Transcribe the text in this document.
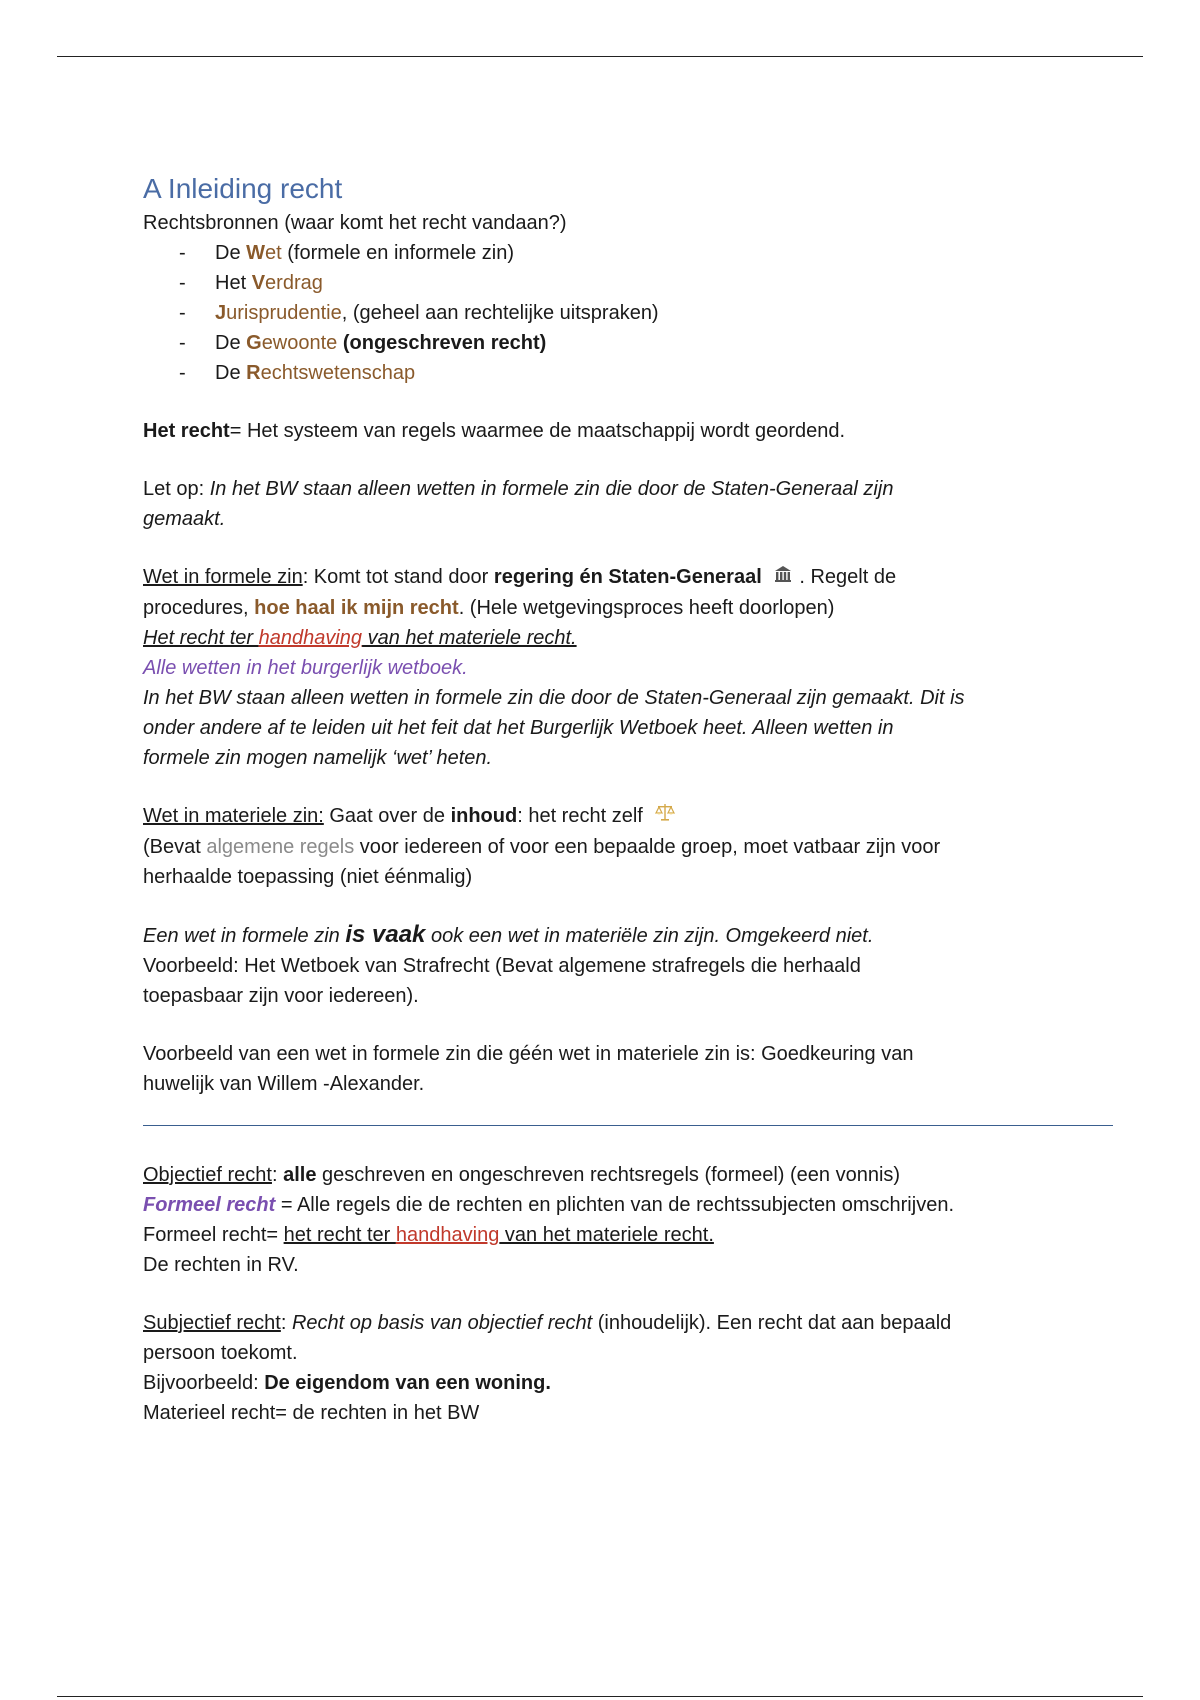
A Inleiding recht

Rechtsbronnen (waar komt het recht vandaan?)

- De Wet (formele en informele zin)
- Het Verdrag
- Jurisprudentie, (geheel aan rechtelijke uitspraken)
- De Gewoonte (ongeschreven recht)
- De Rechtswetenschap

Het recht= Het systeem van regels waarmee de maatschappij wordt geordend.

Let op: In het BW staan alleen wetten in formele zin die door de Staten-Generaal zijn

gemaakt.

Wet in formele zin: Komt tot stand door regering én Staten-Generaal . Regelt de

procedures, hoe haal ik mijn recht. (Hele wetgevingsproces heeft doorlopen)

Het recht ter handhaving van het materiele recht.

Alle wetten in het burgerlijk wetboek.

In het BW staan alleen wetten in formele zin die door de Staten-Generaal zijn gemaakt. Dit is

onder andere af te leiden uit het feit dat het Burgerlijk Wetboek heet. Alleen wetten in

formele zin mogen namelijk ‘wet’ heten.

Wet in materiele zin: Gaat over de inhoud: het recht zelf

(Bevat algemene regels voor iedereen of voor een bepaalde groep, moet vatbaar zijn voor

herhaalde toepassing (niet éénmalig)

Een wet in formele zin is vaak ook een wet in materiële zin zijn. Omgekeerd niet.

Voorbeeld: Het Wetboek van Strafrecht (Bevat algemene strafregels die herhaald

toepasbaar zijn voor iedereen).

Voorbeeld van een wet in formele zin die géén wet in materiele zin is: Goedkeuring van

huwelijk van Willem -Alexander.

Objectief recht: alle geschreven en ongeschreven rechtsregels (formeel) (een vonnis)

Formeel recht = Alle regels die de rechten en plichten van de rechtssubjecten omschrijven.

Formeel recht= het recht ter handhaving van het materiele recht.

De rechten in RV.

Subjectief recht: Recht op basis van objectief recht (inhoudelijk). Een recht dat aan bepaald

persoon toekomt.

Bijvoorbeeld: De eigendom van een woning.

Materieel recht= de rechten in het BW
